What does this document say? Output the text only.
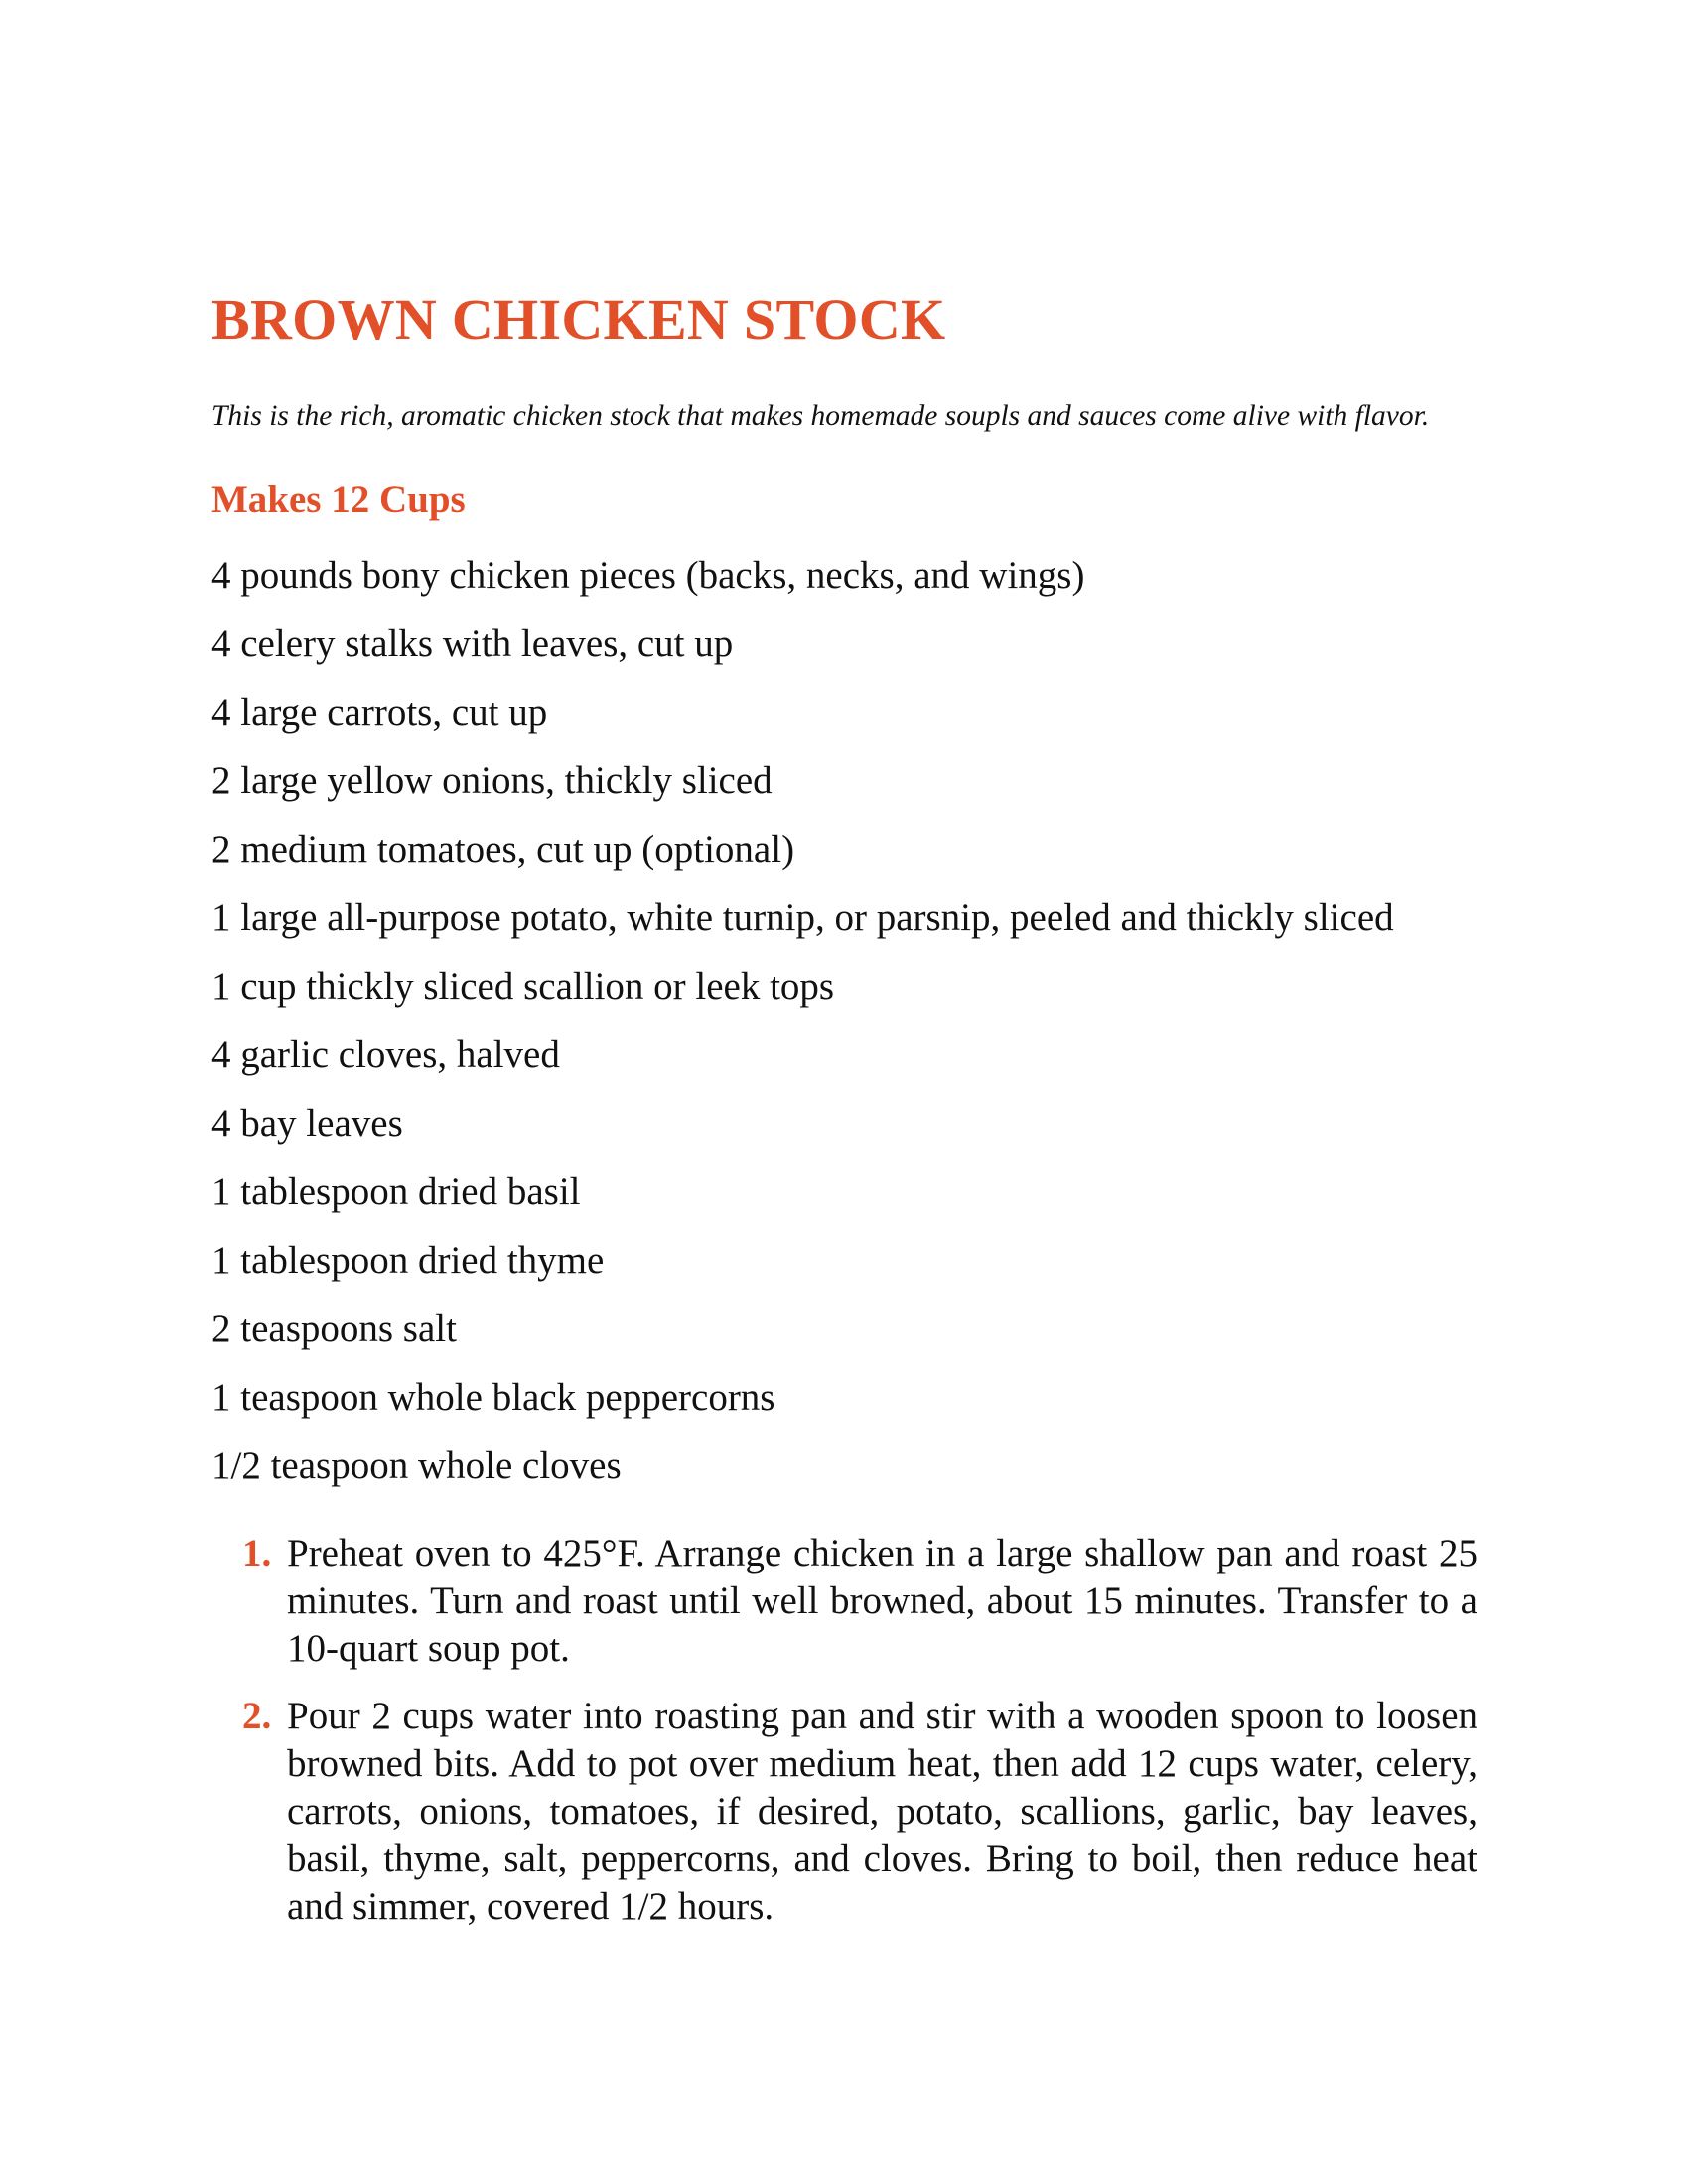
BROWN CHICKEN STOCK

This is the rich, aromatic chicken stock that makes homemade soupls and sauces come alive with flavor.

Makes 12 Cups
4 pounds bony chicken pieces (backs, necks, and wings)
4 celery stalks with leaves, cut up
4 large carrots, cut up
2 large yellow onions, thickly sliced
2 medium tomatoes, cut up (optional)
1 large all-purpose potato, white turnip, or parsnip, peeled and thickly sliced
1 cup thickly sliced scallion or leek tops
4 garlic cloves, halved
4 bay leaves
1 tablespoon dried basil
1 tablespoon dried thyme
2 teaspoons salt
1 teaspoon whole black peppercorns
1/2 teaspoon whole cloves
1. Preheat oven to 425°F. Arrange chicken in a large shallow pan and roast 25 minutes. Turn and roast until well browned, about 15 minutes. Transfer to a 10-quart soup pot.
2. Pour 2 cups water into roasting pan and stir with a wooden spoon to loosen browned bits. Add to pot over medium heat, then add 12 cups water, celery, carrots, onions, tomatoes, if desired, potato, scallions, garlic, bay leaves, basil, thyme, salt, peppercorns, and cloves. Bring to boil, then reduce heat and simmer, covered 1/2 hours.
